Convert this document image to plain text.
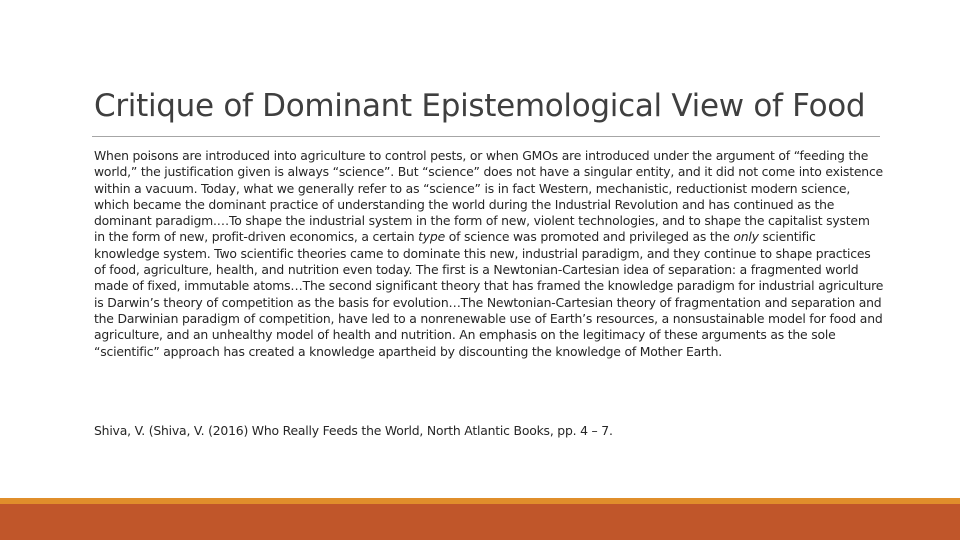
Critique of Dominant Epistemological View of Food

When poisons are introduced into agriculture to control pests, or when GMOs are introduced under the argument of “feeding the world,” the justification given is always “science”. But “science” does not have a singular entity, and it did not come into existence within a vacuum. Today, what we generally refer to as “science” is in fact Western, mechanistic, reductionist modern science, which became the dominant practice of understanding the world during the Industrial Revolution and has continued as the dominant paradigm.…To shape the industrial system in the form of new, violent technologies, and to shape the capitalist system in the form of new, profit-driven economics, a certain type of science was promoted and privileged as the only scientific knowledge system. Two scientific theories came to dominate this new, industrial paradigm, and they continue to shape practices of food, agriculture, health, and nutrition even today. The first is a Newtonian-Cartesian idea of separation: a fragmented world made of fixed, immutable atoms…The second significant theory that has framed the knowledge paradigm for industrial agriculture is Darwin’s theory of competition as the basis for evolution…The Newtonian-Cartesian theory of fragmentation and separation and the Darwinian paradigm of competition, have led to a nonrenewable use of Earth’s resources, a nonsustainable model for food and agriculture, and an unhealthy model of health and nutrition. An emphasis on the legitimacy of these arguments as the sole “scientific” approach has created a knowledge apartheid by discounting the knowledge of Mother Earth.

Shiva, V. (Shiva, V. (2016) Who Really Feeds the World, North Atlantic Books, pp. 4 – 7.
